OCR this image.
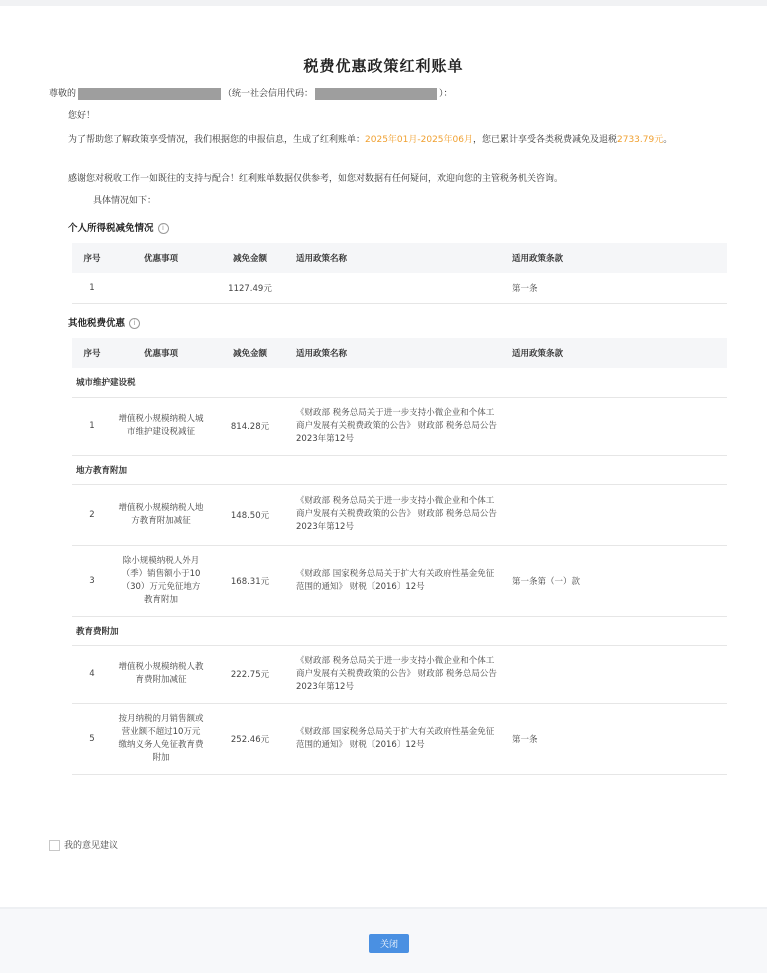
税费优惠政策红利账单
尊敬的	（统一社会信用代码：	）：
您好！
为了帮助您了解政策享受情况，我们根据您的申报信息，生成了红利账单：2025年01月-2025年06月，您已累计享受各类税费减免及退税2733.79元。
感谢您对税收工作一如既往的支持与配合！红利账单数据仅供参考，如您对数据有任何疑问，欢迎向您的主管税务机关咨询。
具体情况如下：
个人所得税减免情况 i
序号	优惠事项	减免金额	适用政策名称	适用政策条款
1		1127.49元		第一条
其他税费优惠 i
序号	优惠事项	减免金额	适用政策名称	适用政策条款
城市维护建设税				
1	增值税小规模纳税人城市维护建设税减征	814.28元	《财政部 税务总局关于进一步支持小微企业和个体工商户发展有关税费政策的公告》 财政部 税务总局公告2023年第12号	
地方教育附加				
2	增值税小规模纳税人地方教育附加减征	148.50元	《财政部 税务总局关于进一步支持小微企业和个体工商户发展有关税费政策的公告》 财政部 税务总局公告2023年第12号	
3	除小规模纳税人外月（季）销售额小于10（30）万元免征地方教育附加	168.31元	《财政部 国家税务总局关于扩大有关政府性基金免征范围的通知》 财税〔2016〕12号	第一条第（一）款
教育费附加				
4	增值税小规模纳税人教育费附加减征	222.75元	《财政部 税务总局关于进一步支持小微企业和个体工商户发展有关税费政策的公告》 财政部 税务总局公告2023年第12号	
5	按月纳税的月销售额或营业额不超过10万元缴纳义务人免征教育费附加	252.46元	《财政部 国家税务总局关于扩大有关政府性基金免征范围的通知》 财税〔2016〕12号	第一条
我的意见建议
关闭
